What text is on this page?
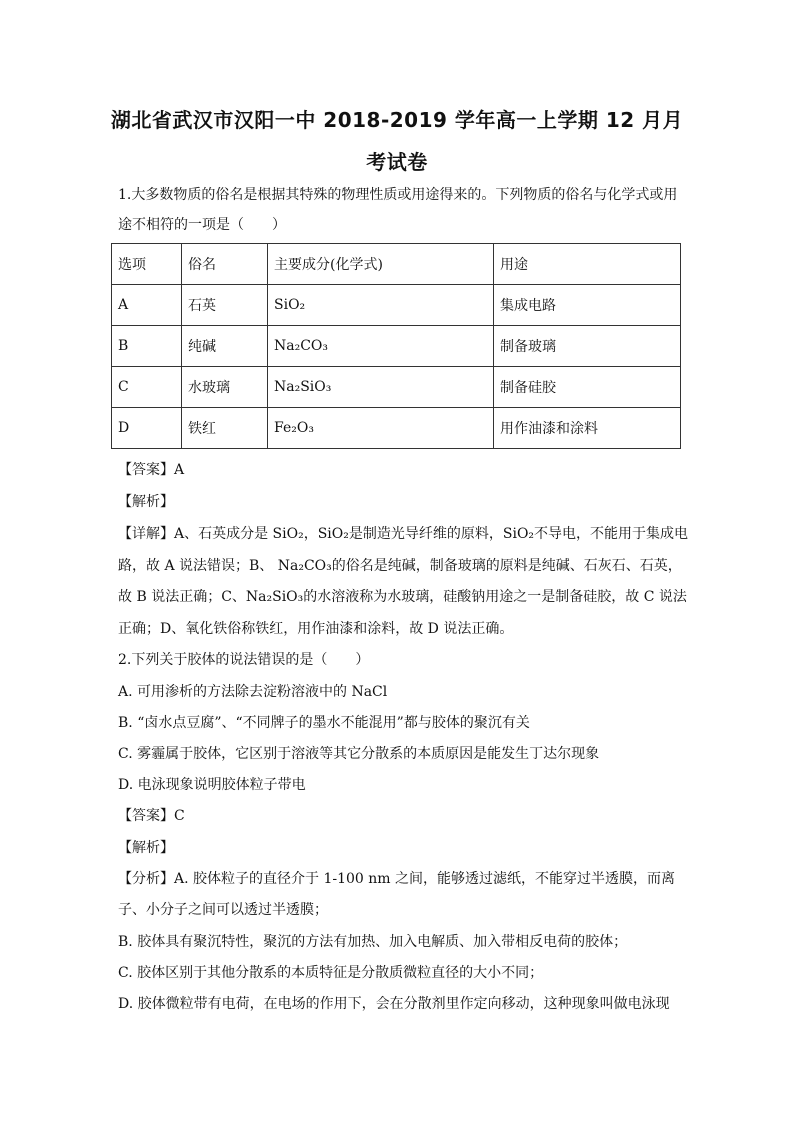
湖北省武汉市汉阳一中 2018-2019 学年高一上学期 12 月月
考试卷
1.大多数物质的俗名是根据其特殊的物理性质或用途得来的。下列物质的俗名与化学式或用
途不相符的一项是（　　）
选项	俗名	主要成分(化学式)	用途
A	石英	SiO₂	集成电路
B	纯碱	Na₂CO₃	制备玻璃
C	水玻璃	Na₂SiO₃	制备硅胶
D	铁红	Fe₂O₃	用作油漆和涂料
【答案】A
【解析】
【详解】A、石英成分是 SiO₂，SiO₂是制造光导纤维的原料，SiO₂不导电，不能用于集成电
路，故 A 说法错误；B、 Na₂CO₃的俗名是纯碱，制备玻璃的原料是纯碱、石灰石、石英，
故 B 说法正确；C、Na₂SiO₃的水溶液称为水玻璃，硅酸钠用途之一是制备硅胶，故 C 说法
正确；D、氧化铁俗称铁红，用作油漆和涂料，故 D 说法正确。
2.下列关于胶体的说法错误的是（　　）
A. 可用渗析的方法除去淀粉溶液中的 NaCl
B. “卤水点豆腐”、“不同牌子的墨水不能混用”都与胶体的聚沉有关
C. 雾霾属于胶体，它区别于溶液等其它分散系的本质原因是能发生丁达尔现象
D. 电泳现象说明胶体粒子带电
【答案】C
【解析】
【分析】A. 胶体粒子的直径介于 1-100 nm 之间，能够透过滤纸，不能穿过半透膜，而离
子、小分子之间可以透过半透膜；
B. 胶体具有聚沉特性，聚沉的方法有加热、加入电解质、加入带相反电荷的胶体；
C. 胶体区别于其他分散系的本质特征是分散质微粒直径的大小不同；
D. 胶体微粒带有电荷，在电场的作用下，会在分散剂里作定向移动，这种现象叫做电泳现
